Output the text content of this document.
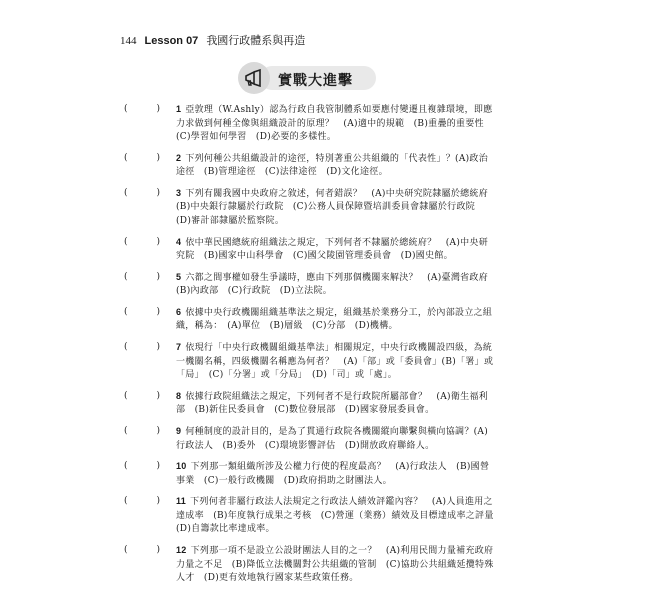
144 Lesson 07 我國行政體系與再造
實戰大進擊
(	) 1 亞敦理（W.Ashly）認為行政自我管制體系如要應付變遷且複雜環境，即應力求做到何種全像與組織設計的原理？　(A)適中的規範　(B)重疊的重要性　(C)學習如何學習　(D)必要的多樣性。
(	) 2 下列何種公共組織設計的途徑，特別著重公共組織的「代表性」？(A)政治途徑　(B)管理途徑　(C)法律途徑　(D)文化途徑。
(	) 3 下列有關我國中央政府之敘述，何者錯誤？　(A)中央研究院隸屬於總統府　(B)中央銀行隸屬於行政院　(C)公務人員保障暨培訓委員會隸屬於行政院　(D)審計部隸屬於監察院。
(	) 4 依中華民國總統府組織法之規定，下列何者不隸屬於總統府？　(A)中央研究院　(B)國家中山科學會　(C)國父陵園管理委員會　(D)國史館。
(	) 5 六都之間事權如發生爭議時，應由下列那個機關來解決？　(A)臺灣省政府　(B)內政部　(C)行政院　(D)立法院。
(	) 6 依據中央行政機關組織基準法之規定，組織基於業務分工，於內部設立之組織，稱為：　(A)單位　(B)層級　(C)分部　(D)機構。
(	) 7 依現行「中央行政機關組織基準法」相關規定，中央行政機關設四級，為統一機關名稱，四級機關名稱應為何者？　(A)「部」或「委員會」(B)「署」或「局」　(C)「分署」或「分局」　(D)「司」或「處」。
(	) 8 依據行政院組織法之規定，下列何者不是行政院所屬部會？　(A)衛生福利部　(B)新住民委員會　(C)數位發展部　(D)國家發展委員會。
(	) 9 何種制度的設計目的，是為了貫通行政院各機關縱向聯繫與橫向協調？(A)行政法人　(B)委外　(C)環境影響評估　(D)開放政府聯絡人。
(	) 10 下列那一類組織所涉及公權力行使的程度最高？　(A)行政法人　(B)國營事業　(C)一般行政機關　(D)政府捐助之財團法人。
(	) 11 下列何者非屬行政法人法規定之行政法人績效評鑑內容？　(A)人員進用之達成率　(B)年度執行成果之考核　(C)營運（業務）績效及目標達成率之評量　(D)自籌款比率達成率。
(	) 12 下列那一項不是設立公設財團法人目的之一？　(A)利用民間力量補充政府力量之不足　(B)降低立法機關對公共組織的管制　(C)協助公共組織延攬特殊人才　(D)更有效地執行國家某些政策任務。
